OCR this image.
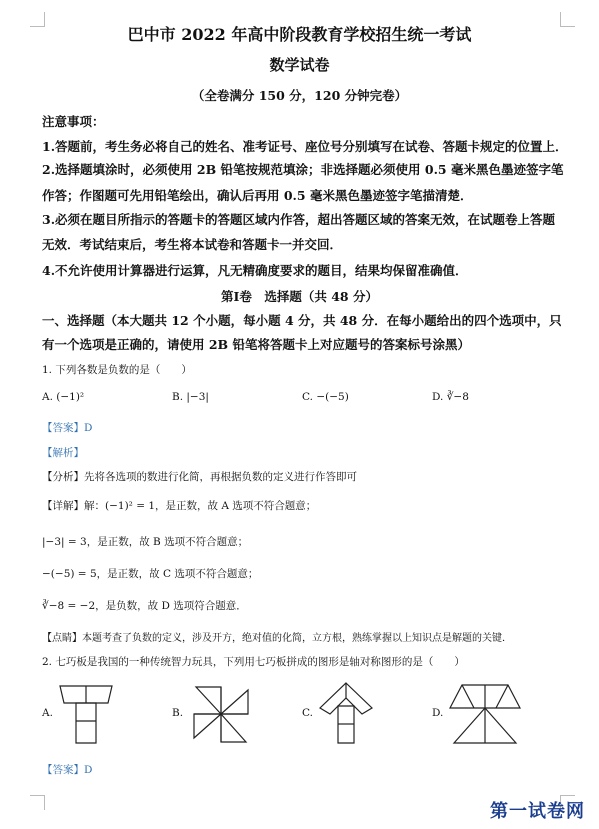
巴中市 2022 年高中阶段教育学校招生统一考试
数学试卷
（全卷满分 150 分，120 分钟完卷）
注意事项：
1.答题前，考生务必将自己的姓名、准考证号、座位号分别填写在试卷、答题卡规定的位置上．
2.选择题填涂时，必须使用 2B 铅笔按规范填涂；非选择题必须使用 0.5 毫米黑色墨迹签字笔
作答；作图题可先用铅笔绘出，确认后再用 0.5 毫米黑色墨迹签字笔描清楚．
3.必须在题目所指示的答题卡的答题区域内作答，超出答题区域的答案无效，在试题卷上答题
无效．考试结束后，考生将本试卷和答题卡一并交回．
4.不允许使用计算器进行运算，凡无精确度要求的题目，结果均保留准确值．
第Ⅰ卷　选择题（共 48 分）
一、选择题（本大题共 12 个小题，每小题 4 分，共 48 分．在每小题给出的四个选项中，只
有一个选项是正确的，请使用 2B 铅笔将答题卡上对应题号的答案标号涂黑）
1. 下列各数是负数的是（　　）
A. (−1)²	B. |−3|	C. −(−5)	D. ∛−8
【答案】D
【解析】
【分析】先将各选项的数进行化简，再根据负数的定义进行作答即可
【详解】解：(−1)² = 1，是正数，故 A 选项不符合题意；
|−3| = 3，是正数，故 B 选项不符合题意；
−(−5) = 5，是正数，故 C 选项不符合题意；
∛−8 = −2，是负数，故 D 选项符合题意．
【点睛】本题考查了负数的定义，涉及开方，绝对值的化简，立方根，熟练掌握以上知识点是解题的关键．
2. 七巧板是我国的一种传统智力玩具，下列用七巧板拼成的图形是轴对称图形的是（　　）
A.	B.	C.	D.
【答案】D
第一试卷网
